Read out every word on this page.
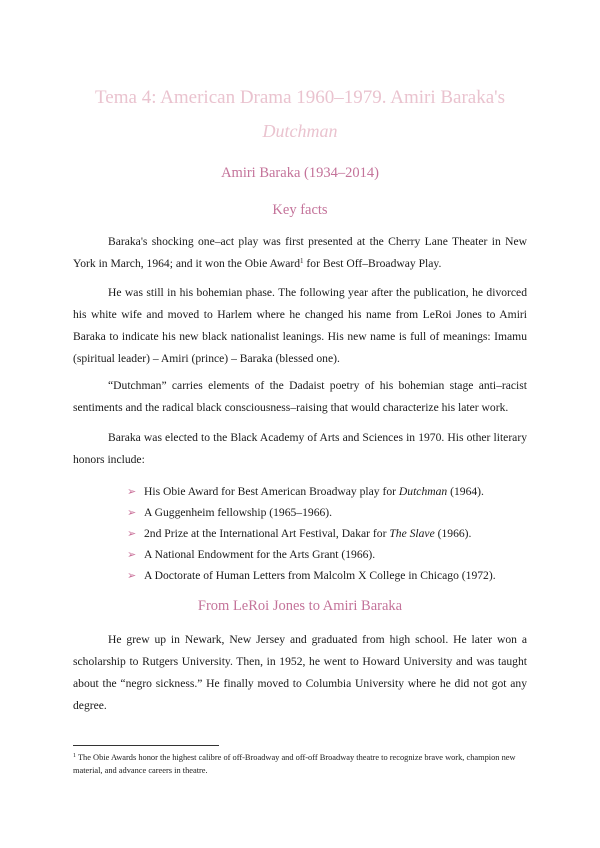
Tema 4: American Drama 1960–1979. Amiri Baraka's
Dutchman
Amiri Baraka (1934–2014)
Key facts

Baraka's shocking one–act play was first presented at the Cherry Lane Theater in New York in March, 1964; and it won the Obie Award$^1$ for Best Off–Broadway Play.

He was still in his bohemian phase. The following year after the publication, he divorced his white wife and moved to Harlem where he changed his name from LeRoi Jones to Amiri Baraka to indicate his new black nationalist leanings. His new name is full of meanings: Imamu (spiritual leader) – Amiri (prince) – Baraka (blessed one).

“Dutchman” carries elements of the Dadaist poetry of his bohemian stage anti–racist sentiments and the radical black consciousness–raising that would characterize his later work.

Baraka was elected to the Black Academy of Arts and Sciences in 1970. His other literary honors include:

➢ His Obie Award for Best American Broadway play for Dutchman (1964).
➢ A Guggenheim fellowship (1965–1966).
➢ 2nd Prize at the International Art Festival, Dakar for The Slave (1966).
➢ A National Endowment for the Arts Grant (1966).
➢ A Doctorate of Human Letters from Malcolm X College in Chicago (1972).
From LeRoi Jones to Amiri Baraka

He grew up in Newark, New Jersey and graduated from high school. He later won a scholarship to Rutgers University. Then, in 1952, he went to Howard University and was taught about the “negro sickness.” He finally moved to Columbia University where he did not got any degree.

$^1$ The Obie Awards honor the highest calibre of off-Broadway and off-off Broadway theatre to recognize brave work, champion new material, and advance careers in theatre.
